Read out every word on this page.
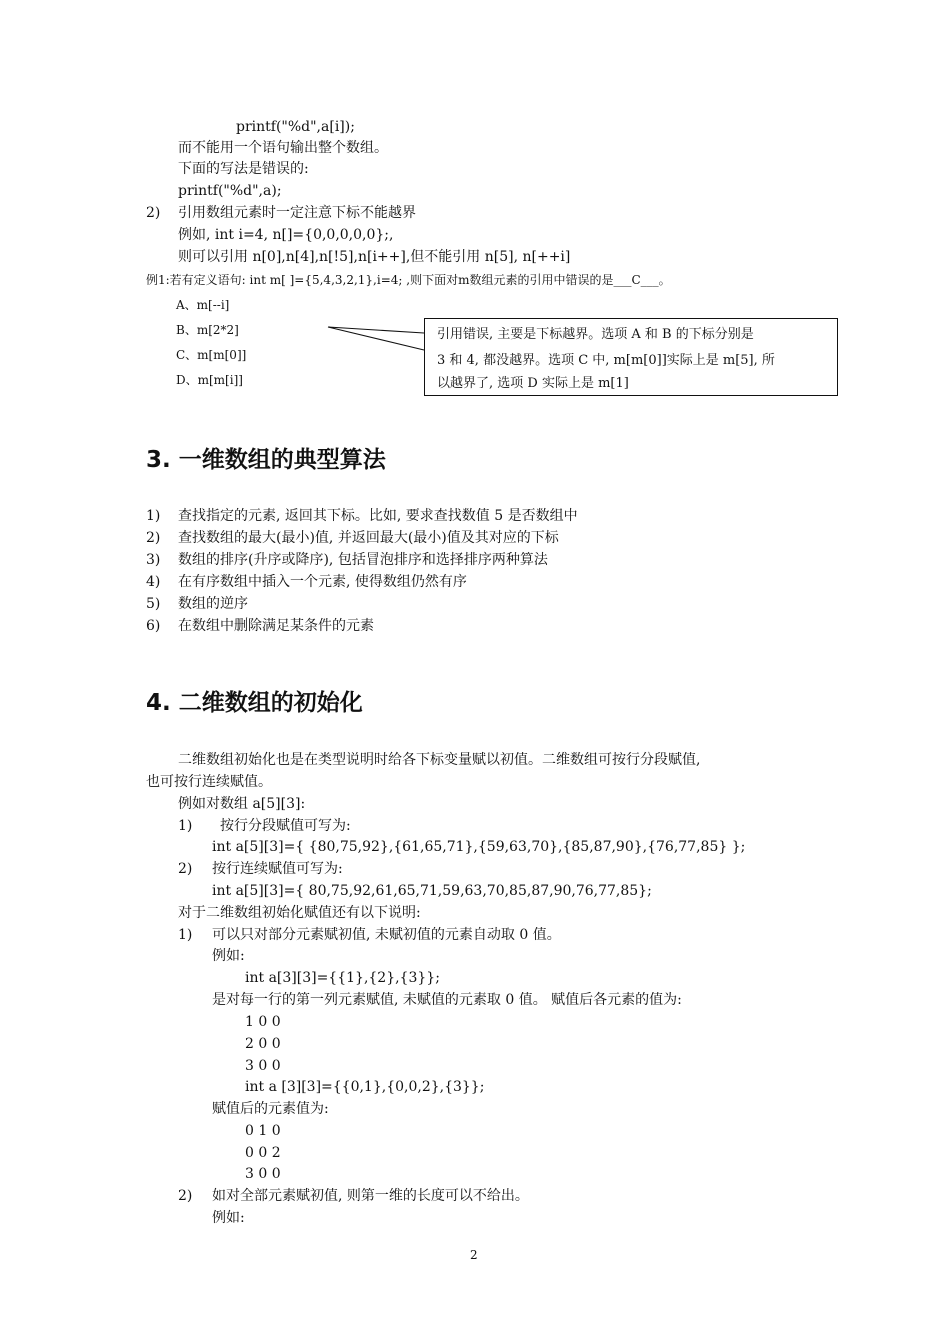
printf("%d",a[i]);
而不能用一个语句输出整个数组。
下面的写法是错误的:
printf("%d",a);
2) 引用数组元素时一定注意下标不能越界
例如, int i=4, n[]={0,0,0,0,0};,
则可以引用 n[0],n[4],n[!5],n[i++],但不能引用 n[5], n[++i]
例1:若有定义语句: int m[ ]={5,4,3,2,1},i=4; ,则下面对m数组元素的引用中错误的是___C___。
A、m[--i]
B、m[2*2]
C、m[m[0]]
D、m[m[i]]
引用错误, 主要是下标越界。选项 A 和 B 的下标分别是
3 和 4, 都没越界。选项 C 中, m[m[0]]实际上是 m[5], 所
以越界了, 选项 D 实际上是 m[1]
3. 一维数组的典型算法
1) 查找指定的元素, 返回其下标。比如, 要求查找数值 5 是否数组中
2) 查找数组的最大(最小)值, 并返回最大(最小)值及其对应的下标
3) 数组的排序(升序或降序), 包括冒泡排序和选择排序两种算法
4) 在有序数组中插入一个元素, 使得数组仍然有序
5) 数组的逆序
6) 在数组中删除满足某条件的元素
4. 二维数组的初始化
二维数组初始化也是在类型说明时给各下标变量赋以初值。二维数组可按行分段赋值,
也可按行连续赋值。
例如对数组 a[5][3]:
1) 按行分段赋值可写为:
int a[5][3]={ {80,75,92},{61,65,71},{59,63,70},{85,87,90},{76,77,85} };
2) 按行连续赋值可写为:
int a[5][3]={ 80,75,92,61,65,71,59,63,70,85,87,90,76,77,85};
对于二维数组初始化赋值还有以下说明:
1) 可以只对部分元素赋初值, 未赋初值的元素自动取 0 值。
例如:
int a[3][3]={{1},{2},{3}};
是对每一行的第一列元素赋值, 未赋值的元素取 0 值。 赋值后各元素的值为:
1 0 0
2 0 0
3 0 0
int a [3][3]={{0,1},{0,0,2},{3}};
赋值后的元素值为:
0 1 0
0 0 2
3 0 0
2) 如对全部元素赋初值, 则第一维的长度可以不给出。
例如:
2
